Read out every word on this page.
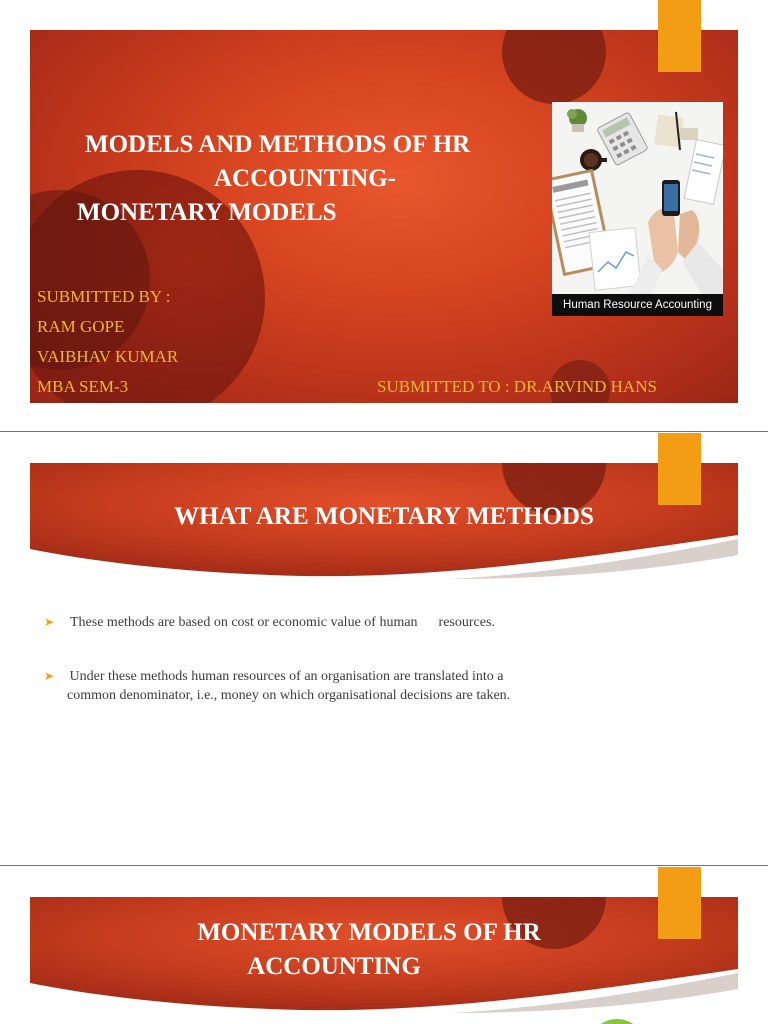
MODELS AND METHODS OF HR
ACCOUNTING-
MONETARY MODELS
SUBMITTED BY :
RAM GOPE
VAIBHAV KUMAR
MBA SEM-3	SUBMITTED TO : DR.ARVIND HANS
Human Resource Accounting
WHAT ARE MONETARY METHODS
➤ These methods are based on cost or economic value of human      resources.
➤ Under these methods human resources of an organisation are translated into a
common denominator, i.e., money on which organisational decisions are taken.
MONETARY MODELS OF HR
ACCOUNTING
